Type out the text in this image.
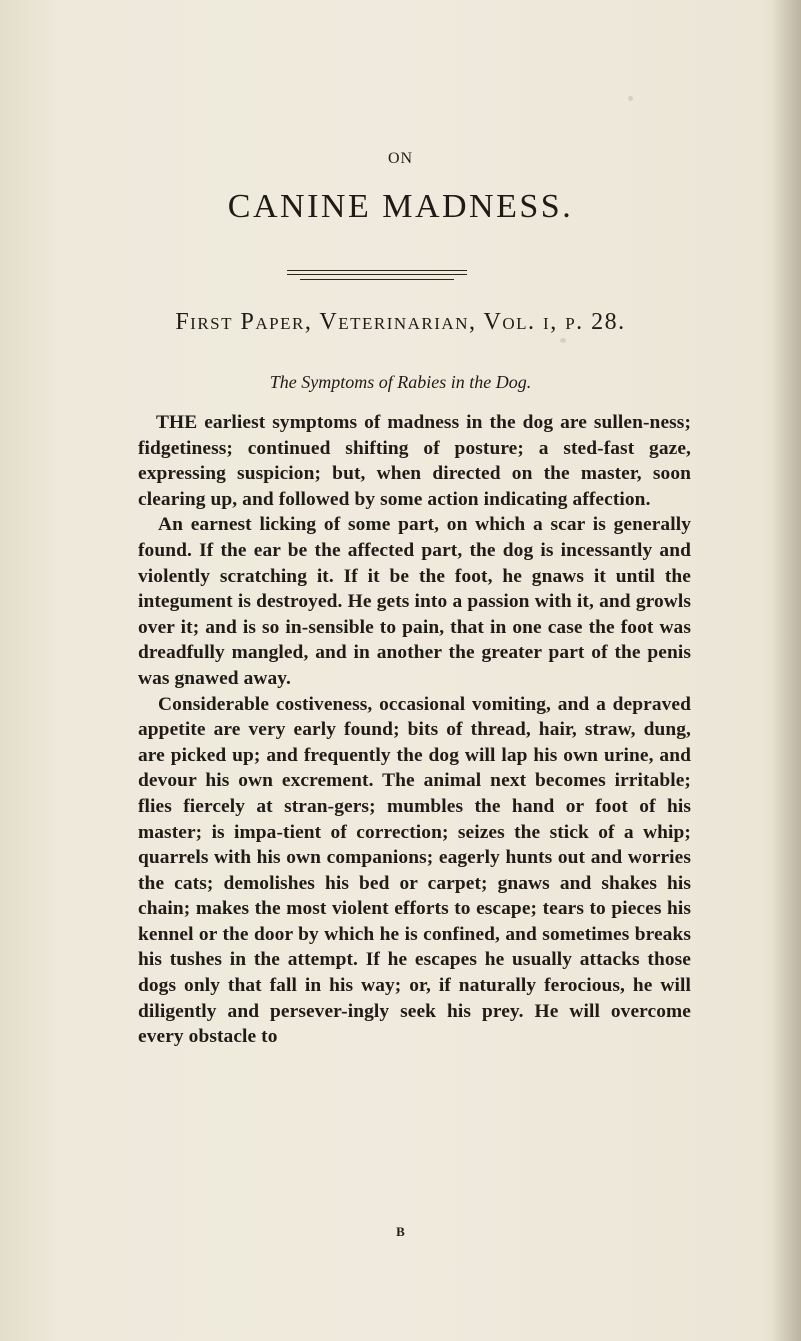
ON
CANINE MADNESS.
First Paper, Veterinarian, Vol. i, p. 28.
The Symptoms of Rabies in the Dog.

THE earliest symptoms of madness in the dog are sullen-ness; fidgetiness; continued shifting of posture; a sted-fast gaze, expressing suspicion; but, when directed on the master, soon clearing up, and followed by some action indicating affection.

An earnest licking of some part, on which a scar is generally found. If the ear be the affected part, the dog is incessantly and violently scratching it. If it be the foot, he gnaws it until the integument is destroyed. He gets into a passion with it, and growls over it; and is so in-sensible to pain, that in one case the foot was dreadfully mangled, and in another the greater part of the penis was gnawed away.

Considerable costiveness, occasional vomiting, and a depraved appetite are very early found; bits of thread, hair, straw, dung, are picked up; and frequently the dog will lap his own urine, and devour his own excrement. The animal next becomes irritable; flies fiercely at stran-gers; mumbles the hand or foot of his master; is impa-tient of correction; seizes the stick of a whip; quarrels with his own companions; eagerly hunts out and worries the cats; demolishes his bed or carpet; gnaws and shakes his chain; makes the most violent efforts to escape; tears to pieces his kennel or the door by which he is confined, and sometimes breaks his tushes in the attempt. If he escapes he usually attacks those dogs only that fall in his way; or, if naturally ferocious, he will diligently and persever-ingly seek his prey. He will overcome every obstacle to

B
